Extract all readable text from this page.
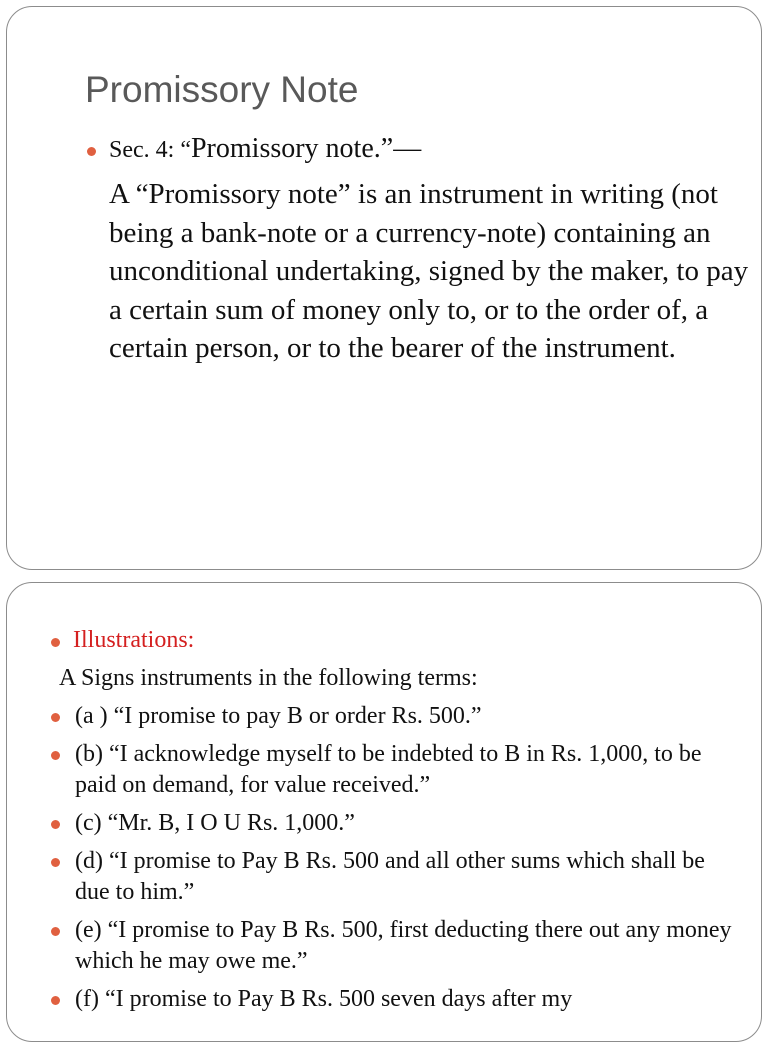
Promissory Note
Sec. 4: “Promissory note.”—

A “Promissory note” is an instrument in writing (not being a bank-note or a currency-note) containing an unconditional undertaking, signed by the maker, to pay a certain sum of money only to, or to the order of, a certain person, or to the bearer of the instrument.

Illustrations:
A Signs instruments in the following terms:
(a ) “I promise to pay B or order Rs. 500.”
(b) “I acknowledge myself to be indebted to B in Rs. 1,000, to be paid on demand, for value received.”
(c) “Mr. B, I O U Rs. 1,000.”
(d) “I promise to Pay B Rs. 500 and all other sums which shall be due to him.”
(e) “I promise to Pay B Rs. 500, first deducting there out any money which he may owe me.”
(f) “I promise to Pay B Rs. 500 seven days after my
